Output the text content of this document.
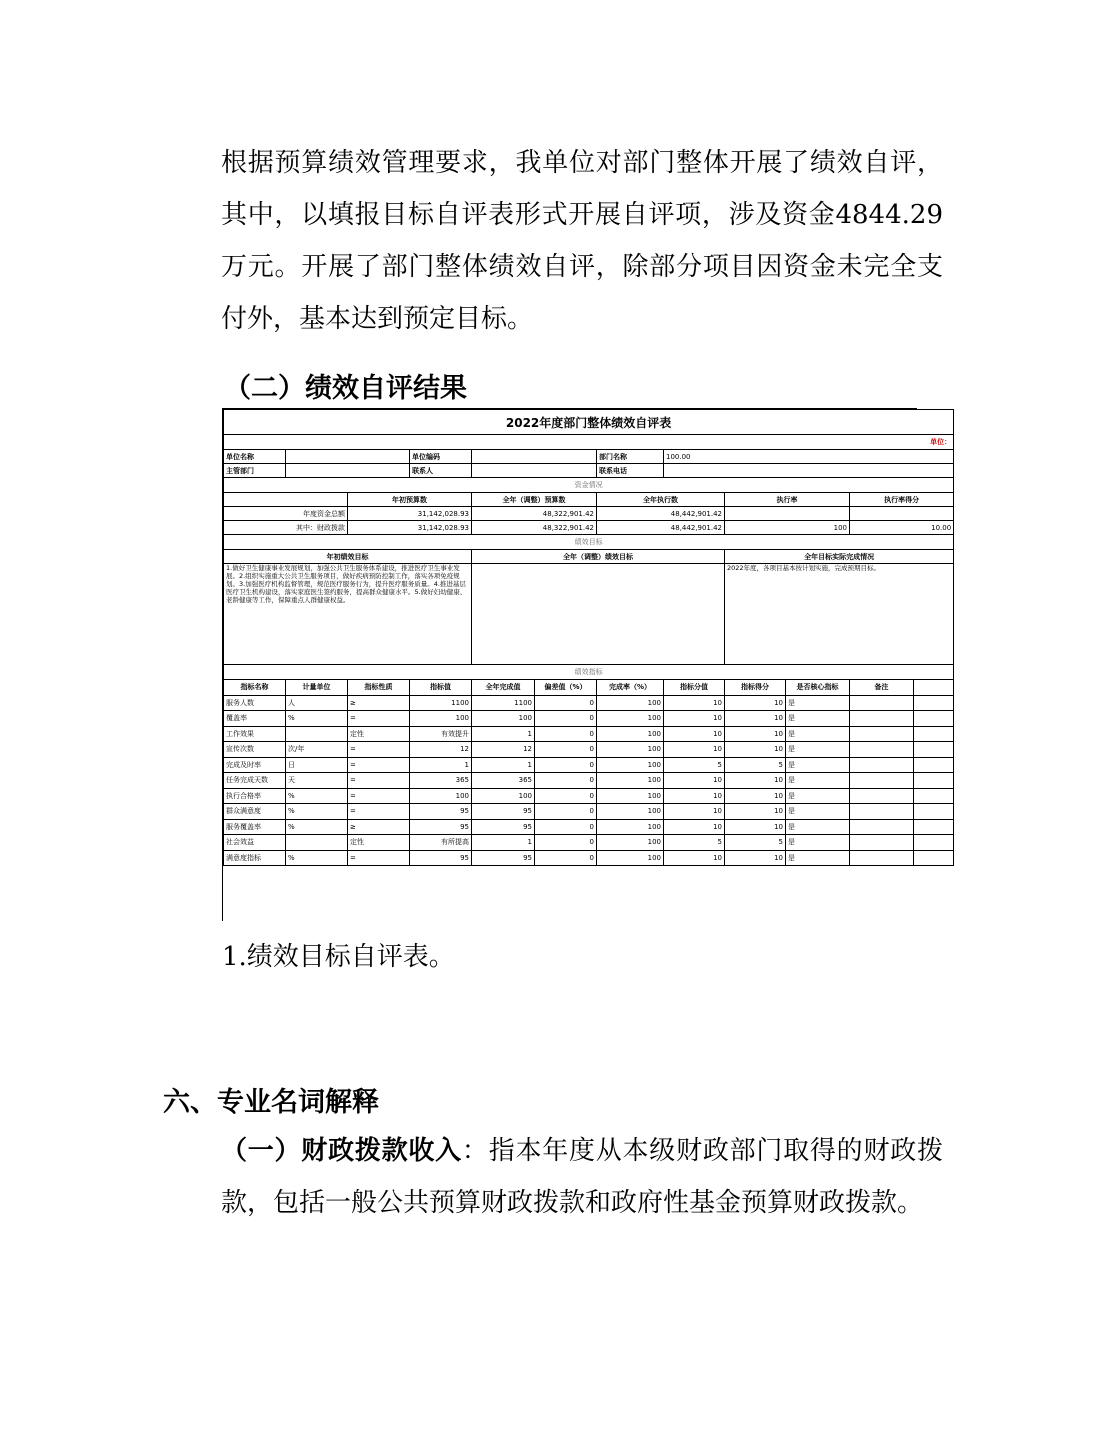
根据预算绩效管理要求，我单位对部门整体开展了绩效自评，其中，以填报目标自评表形式开展自评项，涉及资金4844.29万元。开展了部门整体绩效自评，除部分项目因资金未完全支付外，基本达到预定目标。
（二）绩效自评结果
2022年度部门整体绩效自评表											
单位：											
单位名称			单位编码			部门名称	100.00				
主管部门			联系人			联系电话					
资金情况											
		年初预算数		全年（调整）预算数		全年执行数		执行率		执行率得分	
年度资金总额		31,142,028.93		48,322,901.42		48,442,901.42					
其中：财政拨款		31,142,028.93		48,322,901.42		48,442,901.42		100		10.00	
绩效目标											
年初绩效目标				全年（调整）绩效目标				全年目标实际完成情况			
1.做好卫生健康事业发展规划，加强公共卫生服务体系建设，推进医疗卫生事业发展。2.组织实施重大公共卫生服务项目，做好疾病预防控制工作，落实各项免疫规划。3.加强医疗机构监督管理，规范医疗服务行为，提升医疗服务质量。4.推进基层医疗卫生机构建设，落实家庭医生签约服务，提高群众健康水平。5.做好妇幼健康、老龄健康等工作，保障重点人群健康权益。								2022年度，各项目基本按计划实施，完成预期目标。			
绩效指标											
指标名称	计量单位	指标性质	指标值	全年完成值	偏差值（%）	完成率（%）	指标分值	指标得分	是否核心指标	备注	
服务人数	人	≥	1100	1100	0	100	10	10	是		
覆盖率	%	=	100	100	0	100	10	10	是		
工作效果		定性	有效提升	1	0	100	10	10	是		
宣传次数	次/年	=	12	12	0	100	10	10	是		
完成及时率	日	=	1	1	0	100	5	5	是		
任务完成天数	天	=	365	365	0	100	10	10	是		
执行合格率	%	=	100	100	0	100	10	10	是		
群众满意度	%	=	95	95	0	100	10	10	是		
服务覆盖率	%	≥	95	95	0	100	10	10	是		
社会效益		定性	有所提高	1	0	100	5	5	是		
满意度指标	%	=	95	95	0	100	10	10	是		
1.绩效目标自评表。
六、专业名词解释
（一）财政拨款收入：指本年度从本级财政部门取得的财政拨款，包括一般公共预算财政拨款和政府性基金预算财政拨款。
